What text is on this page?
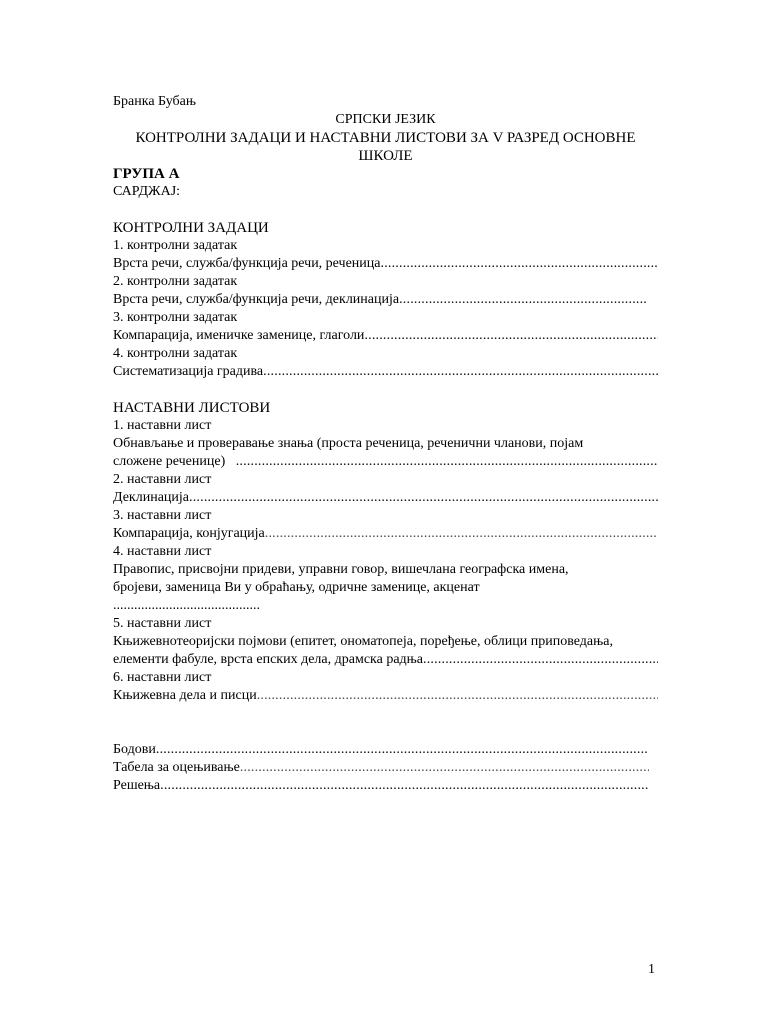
Бранка Бубањ
СРПСКИ ЈЕЗИК
КОНТРОЛНИ ЗАДАЦИ И НАСТАВНИ ЛИСТОВИ ЗА V РАЗРЕД ОСНОВНЕ
ШКОЛЕ
ГРУПА А
САРДЖАЈ:
КОНТРОЛНИ ЗАДАЦИ
1. контролни задатак
Врста речи, служба/функција речи, реченица
.....
2. контролни задатак
Врста речи, служба/функција речи, деклинација
.....
3. контролни задатак
Компарација, именичке заменице, глаголи
.....
4. контролни задатак
Систематизација градива
.....
НАСТАВНИ ЛИСТОВИ
1. наставни лист
Обнављање и проверавање знања (проста реченица, реченични чланови, појам
сложене реченице)
.....
2. наставни лист
Деклинација
.....
3. наставни лист
Компарација, конјугација
.....
4. наставни лист
Правопис, присвојни придеви, управни говор, вишечлана географска имена,
бројеви, заменица Ви у обраћању, одричне заменице, акценат
..........................................
5. наставни лист
Књижевнотеоријски појмови (епитет, ономатопеја, поређење, облици приповедања,
елементи фабуле, врста епских дела, драмска радња
.....
6. наставни лист
Књижевна дела и писци
.....
Бодови
.....
Табела за оцењивање
.....
Решења
.....
1
